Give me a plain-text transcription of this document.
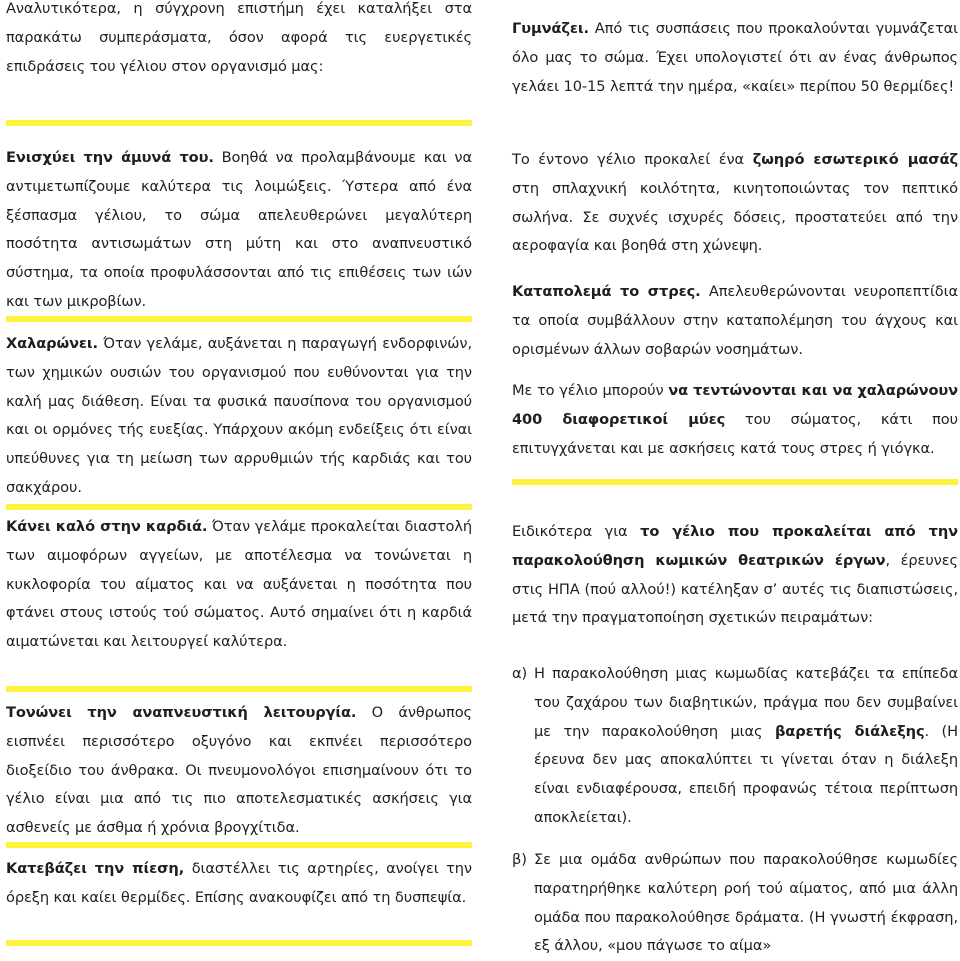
Αναλυτικότερα, η σύγχρονη επιστήμη έχει καταλήξει στα παρακάτω συμπεράσματα, όσον αφορά τις ευεργετικές επιδράσεις του γέλιου στον οργανισμό μας:

Ενισχύει την άμυνά του. Βοηθά να προλαμβάνουμε και να αντιμετωπίζουμε καλύτερα τις λοιμώξεις. Ύστερα από ένα ξέσπασμα γέλιου, το σώμα απελευθερώνει μεγαλύτερη ποσότητα αντισωμάτων στη μύτη και στο αναπνευστικό σύστημα, τα οποία προφυλάσσονται από τις επιθέσεις των ιών και των μικροβίων.

Χαλαρώνει. Όταν γελάμε, αυξάνεται η παραγωγή ενδορφινών, των χημικών ουσιών του οργανισμού που ευθύνονται για την καλή μας διάθεση. Είναι τα φυσικά παυσίπονα του οργανισμού και οι ορμόνες τής ευεξίας. Υπάρχουν ακόμη ενδείξεις ότι είναι υπεύθυνες για τη μείωση των αρρυθμιών τής καρδιάς και του σακχάρου.

Κάνει καλό στην καρδιά. Όταν γελάμε προκαλείται διαστολή των αιμοφόρων αγγείων, με αποτέλεσμα να τονώνεται η κυκλοφορία του αίματος και να αυξάνεται η ποσότητα που φτάνει στους ιστούς τού σώματος. Αυτό σημαίνει ότι η καρδιά αιματώνεται και λειτουργεί καλύτερα.

Τονώνει την αναπνευστική λειτουργία. Ο άνθρωπος εισπνέει περισσότερο οξυγόνο και εκπνέει περισσότερο διοξείδιο του άνθρακα. Οι πνευμονολόγοι επισημαίνουν ότι το γέλιο είναι μια από τις πιο αποτελεσματικές ασκήσεις για ασθενείς με άσθμα ή χρόνια βρογχίτιδα.

Κατεβάζει την πίεση, διαστέλλει τις αρτηρίες, ανοίγει την όρεξη και καίει θερμίδες. Επίσης ανακουφίζει από τη δυσπεψία.

Γυμνάζει. Από τις συσπάσεις που προκαλούνται γυμνάζεται όλο μας το σώμα. Έχει υπολογιστεί ότι αν ένας άνθρωπος γελάει 10-15 λεπτά την ημέρα, «καίει» περίπου 50 θερμίδες!

Το έντονο γέλιο προκαλεί ένα ζωηρό εσωτερικό μασάζ στη σπλαχνική κοιλότητα, κινητοποιώντας τον πεπτικό σωλήνα. Σε συχνές ισχυρές δόσεις, προστατεύει από την αεροφαγία και βοηθά στη χώνεψη.

Καταπολεμά το στρες. Απελευθερώνονται νευροπεπτίδια τα οποία συμβάλλουν στην καταπολέμηση του άγχους και ορισμένων άλλων σοβαρών νοσημάτων.

Με το γέλιο μπορούν να τεντώνονται και να χαλαρώνουν 400 διαφορετικοί μύες του σώματος, κάτι που επιτυγχάνεται και με ασκήσεις κατά τους στρες ή γιόγκα.

Ειδικότερα για το γέλιο που προκαλείται από την παρακολούθηση κωμικών θεατρικών έργων, έρευνες στις ΗΠΑ (πού αλλού!) κατέληξαν σ’ αυτές τις διαπιστώσεις, μετά την πραγματοποίηση σχετικών πειραμάτων:

α) Η παρακολούθηση μιας κωμωδίας κατεβάζει τα επίπεδα του ζαχάρου των διαβητικών, πράγμα που δεν συμβαίνει με την παρακολούθηση μιας βαρετής διάλεξης. (Η έρευνα δεν μας αποκαλύπτει τι γίνεται όταν η διάλεξη είναι ενδιαφέρουσα, επειδή προφανώς τέτοια περίπτωση αποκλείεται).
β) Σε μια ομάδα ανθρώπων που παρακολούθησε κωμωδίες παρατηρήθηκε καλύτερη ροή τού αίματος, από μια άλλη ομάδα που παρακολούθησε δράματα. (Η γνωστή έκφραση, εξ άλλου, «μου πάγωσε το αίμα»
